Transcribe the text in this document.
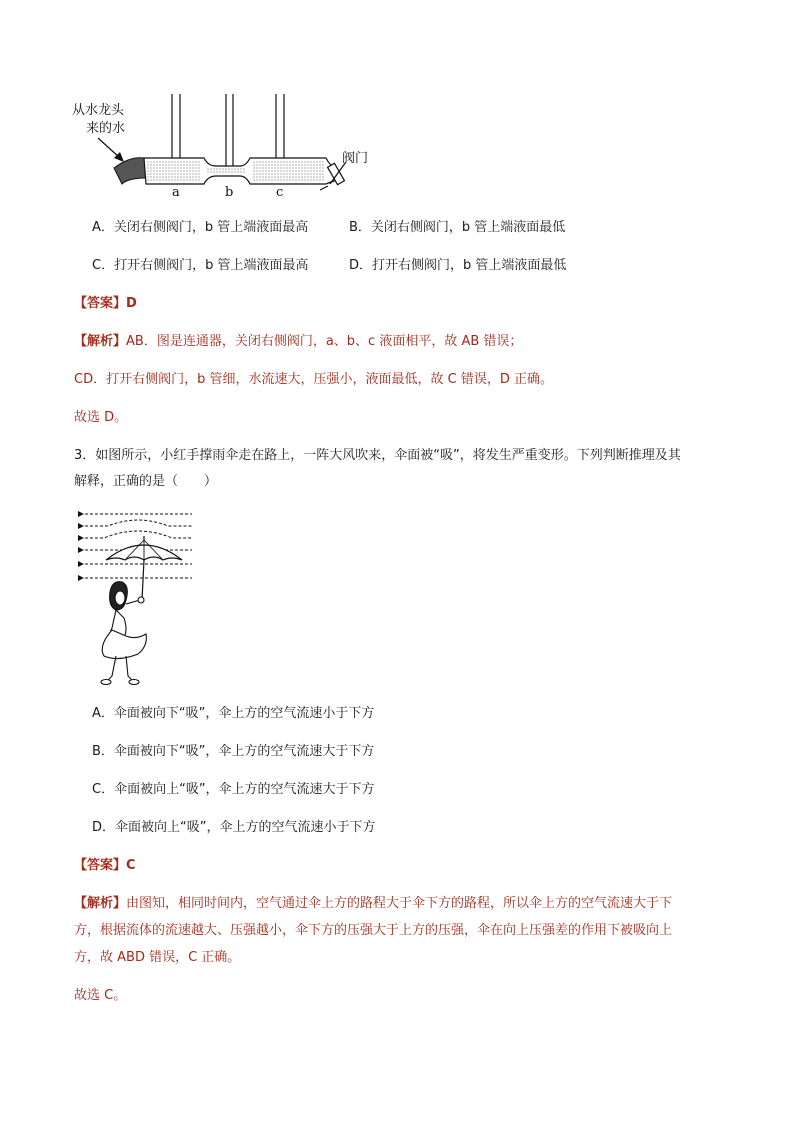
从水龙头
来的水
阀门
a	b	c
A．关闭右侧阀门，b 管上端液面最高	B．关闭右侧阀门，b 管上端液面最低
C．打开右侧阀门，b 管上端液面最高	D．打开右侧阀门，b 管上端液面最低
【答案】D
【解析】AB．图是连通器，关闭右侧阀门，a、b、c 液面相平，故 AB 错误；
CD．打开右侧阀门，b 管细，水流速大，压强小，液面最低，故 C 错误，D 正确。
故选 D。
3．如图所示，小红手撑雨伞走在路上，一阵大风吹来，伞面被“吸”，将发生严重变形。下列判断推理及其
解释，正确的是（　　）
A．伞面被向下“吸”，伞上方的空气流速小于下方
B．伞面被向下“吸”，伞上方的空气流速大于下方
C．伞面被向上“吸”，伞上方的空气流速大于下方
D．伞面被向上“吸”，伞上方的空气流速小于下方
【答案】C
【解析】由图知，相同时间内，空气通过伞上方的路程大于伞下方的路程，所以伞上方的空气流速大于下
方，根据流体的流速越大、压强越小，伞下方的压强大于上方的压强，伞在向上压强差的作用下被吸向上
方，故 ABD 错误，C 正确。
故选 C。
